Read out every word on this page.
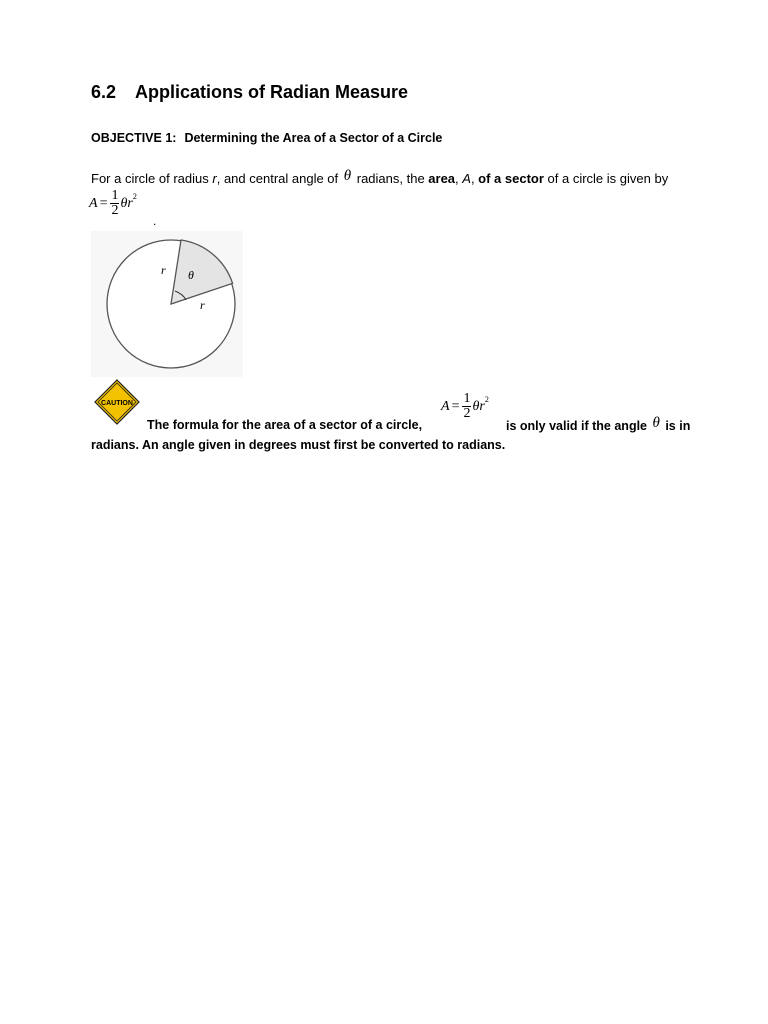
6.2 Applications of Radian Measure
OBJECTIVE 1: Determining the Area of a Sector of a Circle
For a circle of radius r, and central angle of θ radians, the area, A, of a sector of a circle is given by
$A = \frac{1}{2}$ θ r 2
.
r θ
r
CAUTION
The formula for the area of a sector of a circle,
$A = \frac{1}{2}$ θ r 2
is only valid if the angle θ is in
radians. An angle given in degrees must first be converted to radians.
